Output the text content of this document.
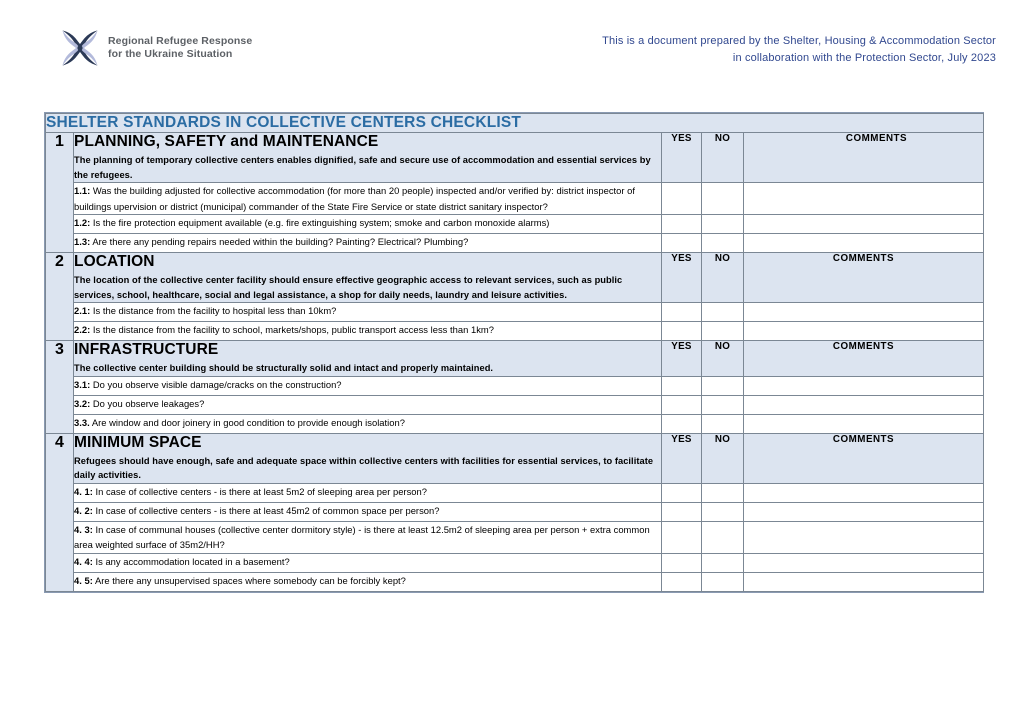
Regional Refugee Response
for the Ukraine Situation
This is a document prepared by the Shelter, Housing & Accommodation Sector
in collaboration with the Protection Sector, July 2023
SHELTER STANDARDS IN COLLECTIVE CENTERS CHECKLIST				
1	PLANNING, SAFETY and MAINTENANCE
The planning of temporary collective centers enables dignified, safe and secure use of accommodation and essential services by the refugees.	YES	NO	COMMENTS
	1.1: Was the building adjusted for collective accommodation (for more than 20 people) inspected and/or verified by: district inspector of buildings upervision or district (municipal) commander of the State Fire Service or state district sanitary inspector?			
	1.2: Is the fire protection equipment available (e.g. fire extinguishing system; smoke and carbon monoxide alarms)			
	1.3: Are there any pending repairs needed within the building? Painting? Electrical? Plumbing?			
2	LOCATION
The location of the collective center facility should ensure effective geographic access to relevant services, such as public services, school, healthcare, social and legal assistance, a shop for daily needs, laundry and leisure activities.	YES	NO	COMMENTS
	2.1: Is the distance from the facility to hospital less than 10km?			
	2.2: Is the distance from the facility to school, markets/shops, public transport access less than 1km?			
3	INFRASTRUCTURE
The collective center building should be structurally solid and intact and properly maintained.	YES	NO	COMMENTS
	3.1: Do you observe visible damage/cracks on the construction?			
	3.2: Do you observe leakages?			
	3.3. Are window and door joinery in good condition to provide enough isolation?			
4	MINIMUM SPACE
Refugees should have enough, safe and adequate space within collective centers with facilities for essential services, to facilitate daily activities.	YES	NO	COMMENTS
	4. 1: In case of collective centers - is there at least 5m2 of sleeping area per person?			
	4. 2: In case of collective centers - is there at least 45m2 of common space per person?			
	4. 3: In case of communal houses (collective center dormitory style) - is there at least 12.5m2 of sleeping area per person + extra common area weighted surface of 35m2/HH?			
	4. 4: Is any accommodation located in a basement?			
	4. 5: Are there any unsupervised spaces where somebody can be forcibly kept?			
